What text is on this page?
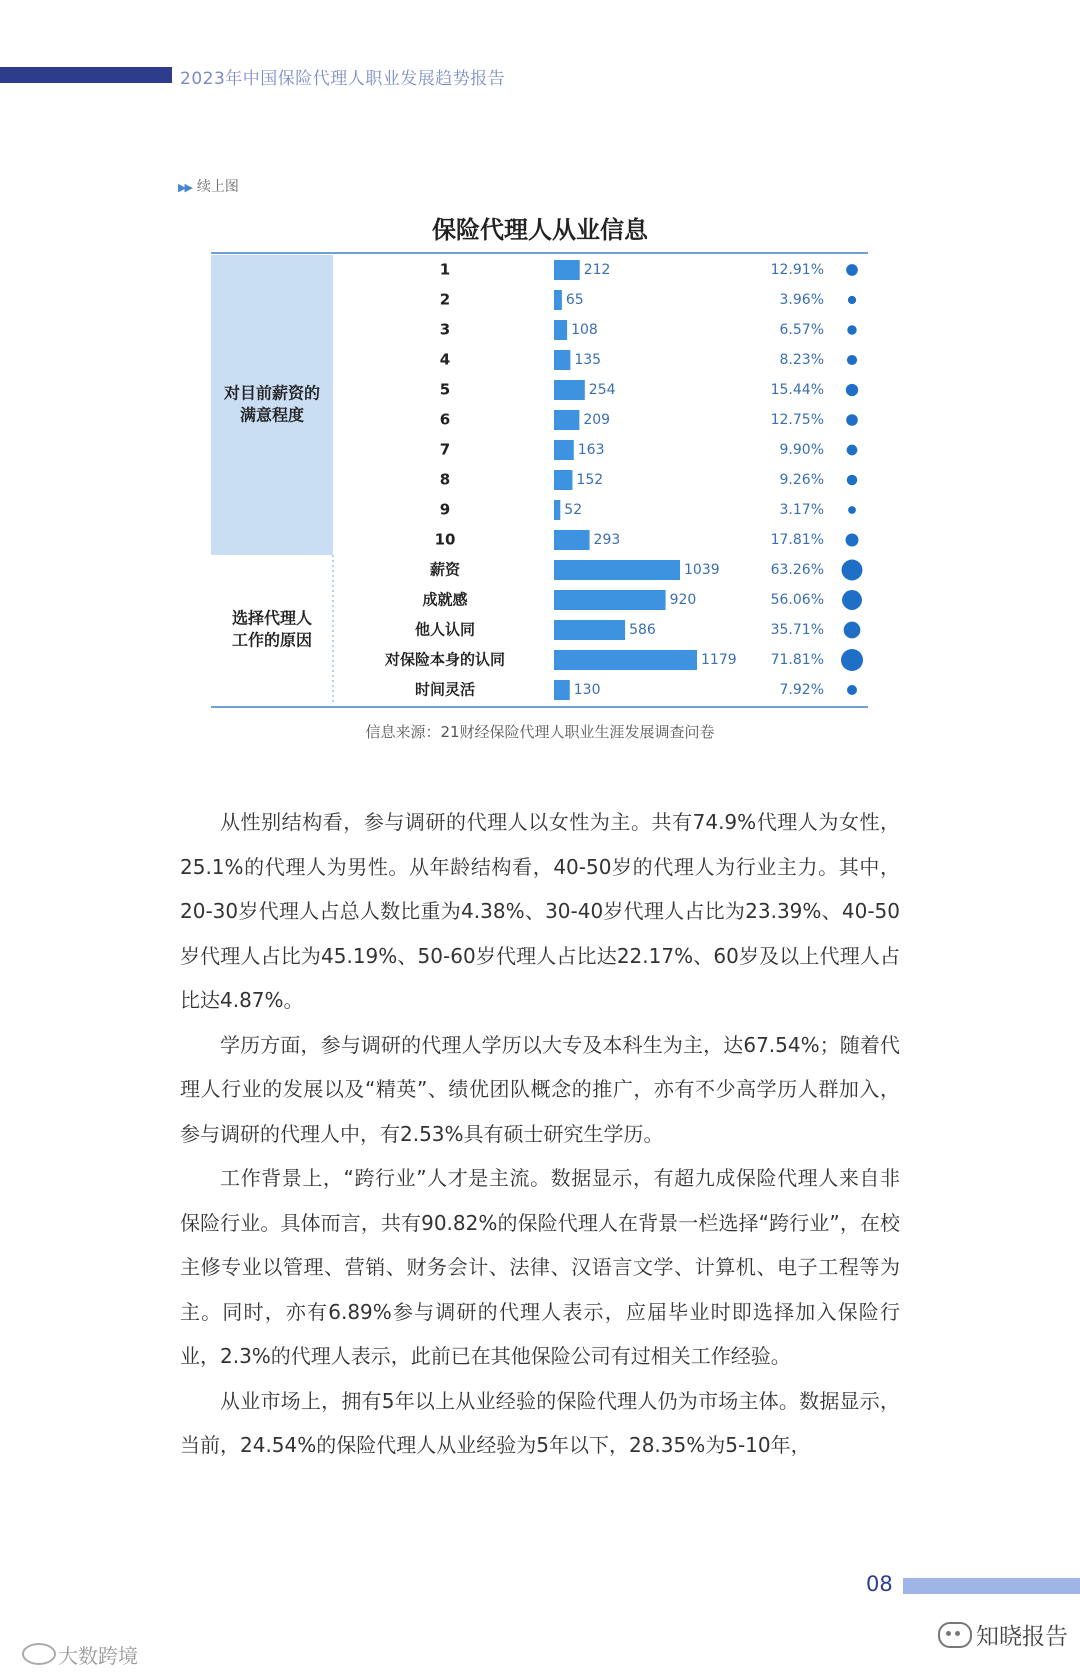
2023年中国保险代理人职业发展趋势报告
▶▶ 续上图
保险代理人从业信息
对目前薪资的
满意程度
1	212	12.91%
2	65	3.96%
3	108	6.57%
4	135	8.23%
5	254	15.44%
6	209	12.75%
7	163	9.90%
8	152	9.26%
9	52	3.17%
10	293	17.81%
选择代理人
工作的原因
薪资	1039	63.26%
成就感	920	56.06%
他人认同	586	35.71%
对保险本身的认同	1179 71.81%
时间灵活	130	7.92%
信息来源：21财经保险代理人职业生涯发展调查问卷

从性别结构看，参与调研的代理人以女性为主。共有74.9%代理人为女性，25.1%的代理人为男性。从年龄结构看，40-50岁的代理人为行业主力。其中，20-30岁代理人占总人数比重为4.38%、30-40岁代理人占比为23.39%、40-50岁代理人占比为45.19%、50-60岁代理人占比达22.17%、60岁及以上代理人占比达4.87%。

学历方面，参与调研的代理人学历以大专及本科生为主，达67.54%；随着代理人行业的发展以及“精英”、绩优团队概念的推广，亦有不少高学历人群加入，参与调研的代理人中，有2.53%具有硕士研究生学历。

工作背景上，“跨行业”人才是主流。数据显示，有超九成保险代理人来自非保险行业。具体而言，共有90.82%的保险代理人在背景一栏选择“跨行业”，在校主修专业以管理、营销、财务会计、法律、汉语言文学、计算机、电子工程等为主。同时，亦有6.89%参与调研的代理人表示，应届毕业时即选择加入保险行业，2.3%的代理人表示，此前已在其他保险公司有过相关工作经验。

从业市场上，拥有5年以上从业经验的保险代理人仍为市场主体。数据显示，当前，24.54%的保险代理人从业经验为5年以下，28.35%为5-10年，

08
知晓报告
大数跨境
